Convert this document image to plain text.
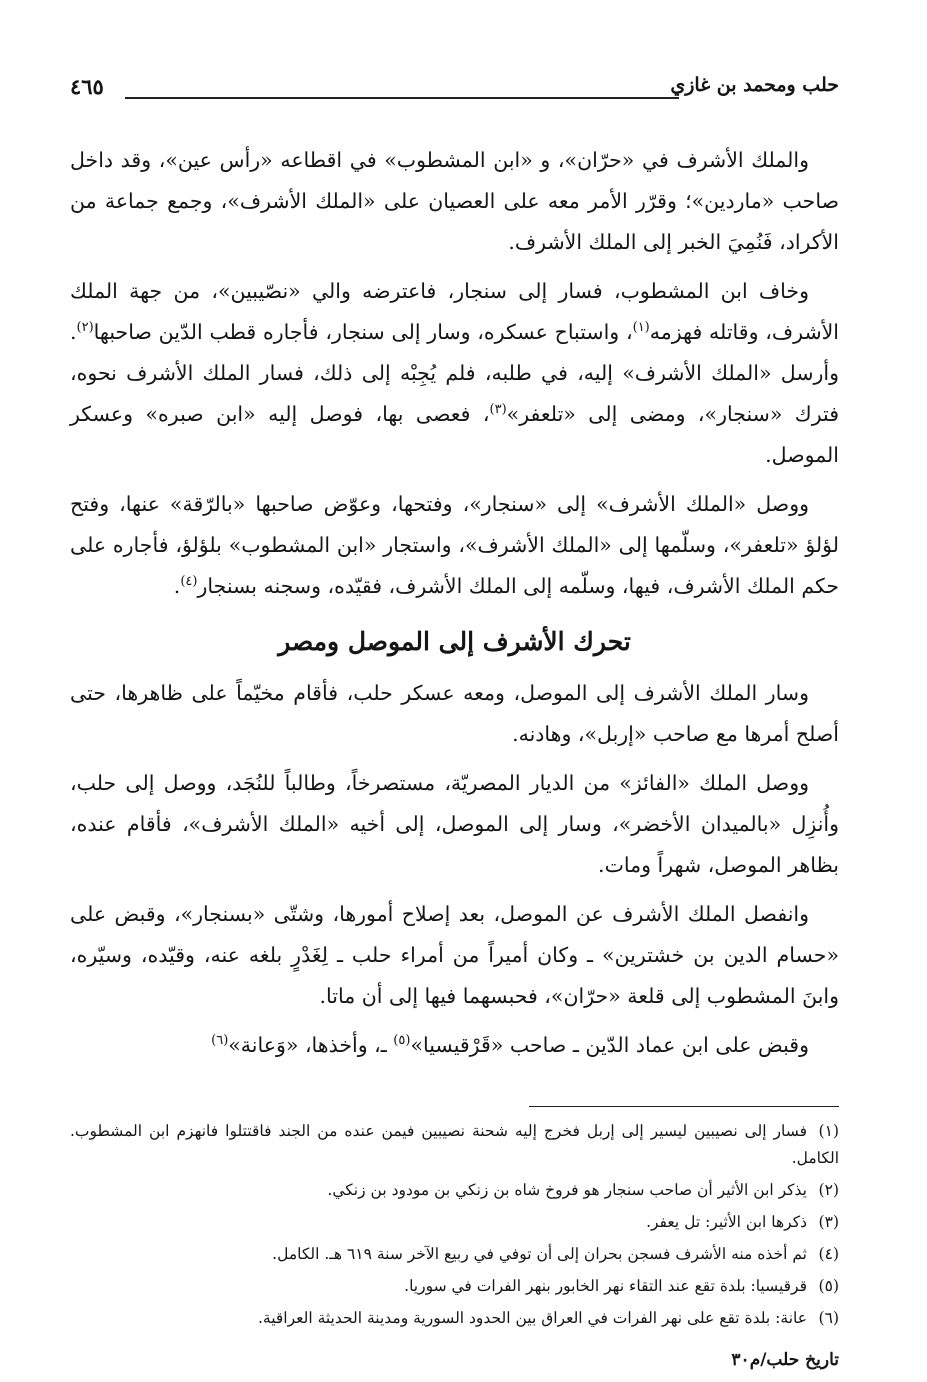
حلب ومحمد بن غازي
٤٦٥

والملك الأشرف في «حرّان»، و «ابن المشطوب» في اقطاعه «رأس عين»، وقد داخل صاحب «ماردين»؛ وقرّر الأمر معه على العصيان على «الملك الأشرف»، وجمع جماعة من الأكراد، فَنُمِيَ الخبر إلى الملك الأشرف.

وخاف ابن المشطوب، فسار إلى سنجار، فاعترضه والي «نصّيبين»، من جهة الملك الأشرف، وقاتله فهزمه$^{(١)}$، واستباح عسكره، وسار إلى سنجار، فأجاره قطب الدّين صاحبها$^{(٢)}$. وأرسل «الملك الأشرف» إليه، في طلبه، فلم يُجِبْه إلى ذلك، فسار الملك الأشرف نحوه، فترك «سنجار»، ومضى إلى «تلعفر»$^{(٣)}$، فعصى بها، فوصل إليه «ابن صبره» وعسكر الموصل.

ووصل «الملك الأشرف» إلى «سنجار»، وفتحها، وعوّض صاحبها «بالرّقة» عنها، وفتح لؤلؤ «تلعفر»، وسلّمها إلى «الملك الأشرف»، واستجار «ابن المشطوب» بلؤلؤ، فأجاره على حكم الملك الأشرف، فيها، وسلّمه إلى الملك الأشرف، فقيّده، وسجنه بسنجار$^{(٤)}$.

تحرك الأشرف إلى الموصل ومصر

وسار الملك الأشرف إلى الموصل، ومعه عسكر حلب، فأقام مخيّماً على ظاهرها، حتى أصلح أمرها مع صاحب «إربل»، وهادنه.

ووصل الملك «الفائز» من الديار المصريّة، مستصرخاً، وطالباً للنُجَد، ووصل إلى حلب، وأُنزِل «بالميدان الأخضر»، وسار إلى الموصل، إلى أخيه «الملك الأشرف»، فأقام عنده، بظاهر الموصل، شهراً ومات.

وانفصل الملك الأشرف عن الموصل، بعد إصلاح أمورها، وشتّى «بسنجار»، وقبض على «حسام الدين بن خشترين» ـ وكان أميراً من أمراء حلب ـ لِغَدْرٍ بلغه عنه، وقيّده، وسيّره، وابنَ المشطوب إلى قلعة «حرّان»، فحبسهما فيها إلى أن ماتا.

وقبض على ابن عماد الدّين ـ صاحب «قَرْقيسيا»$^{(٥)}$ ـ، وأخذها، «وَعانة»$^{(٦)}$

(١)فسار إلى نصيبين ليسير إلى إربل فخرج إليه شحنة نصيبين فيمن عنده من الجند فاقتتلوا فانهزم ابن المشطوب. الكامل.
(٢)يذكر ابن الأثير أن صاحب سنجار هو فروخ شاه بن زنكي بن مودود بن زنكي.
(٣)ذكرها ابن الأثير: تل يعفر.
(٤)ثم أخذه منه الأشرف فسجن بحران إلى أن توفي في ربيع الآخر سنة ٦١٩ هـ. الكامل.
(٥)قرقيسيا: بلدة تقع عند التقاء نهر الخابور بنهر الفرات في سوريا.
(٦)عانة: بلدة تقع على نهر الفرات في العراق بين الحدود السورية ومدينة الحديثة العراقية.
تاريخ حلب/م٣٠
